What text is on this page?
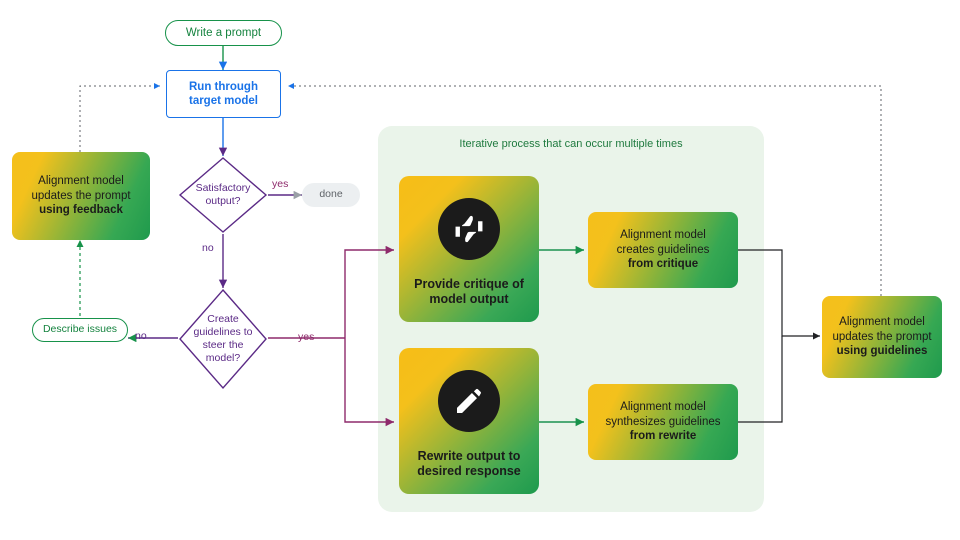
Iterative process that can occur multiple times
Write a prompt
Run through
target model
Satisfactory
output?
yes
no
done
Create
guidelines to
steer the
model?
no	yes
Describe issues
Alignment model
updates the prompt
using feedback
Provide critique of
model output
Rewrite output to
desired response
Alignment model
creates guidelines
from critique
Alignment model
synthesizes guidelines
from rewrite
Alignment model
updates the prompt
using guidelines
